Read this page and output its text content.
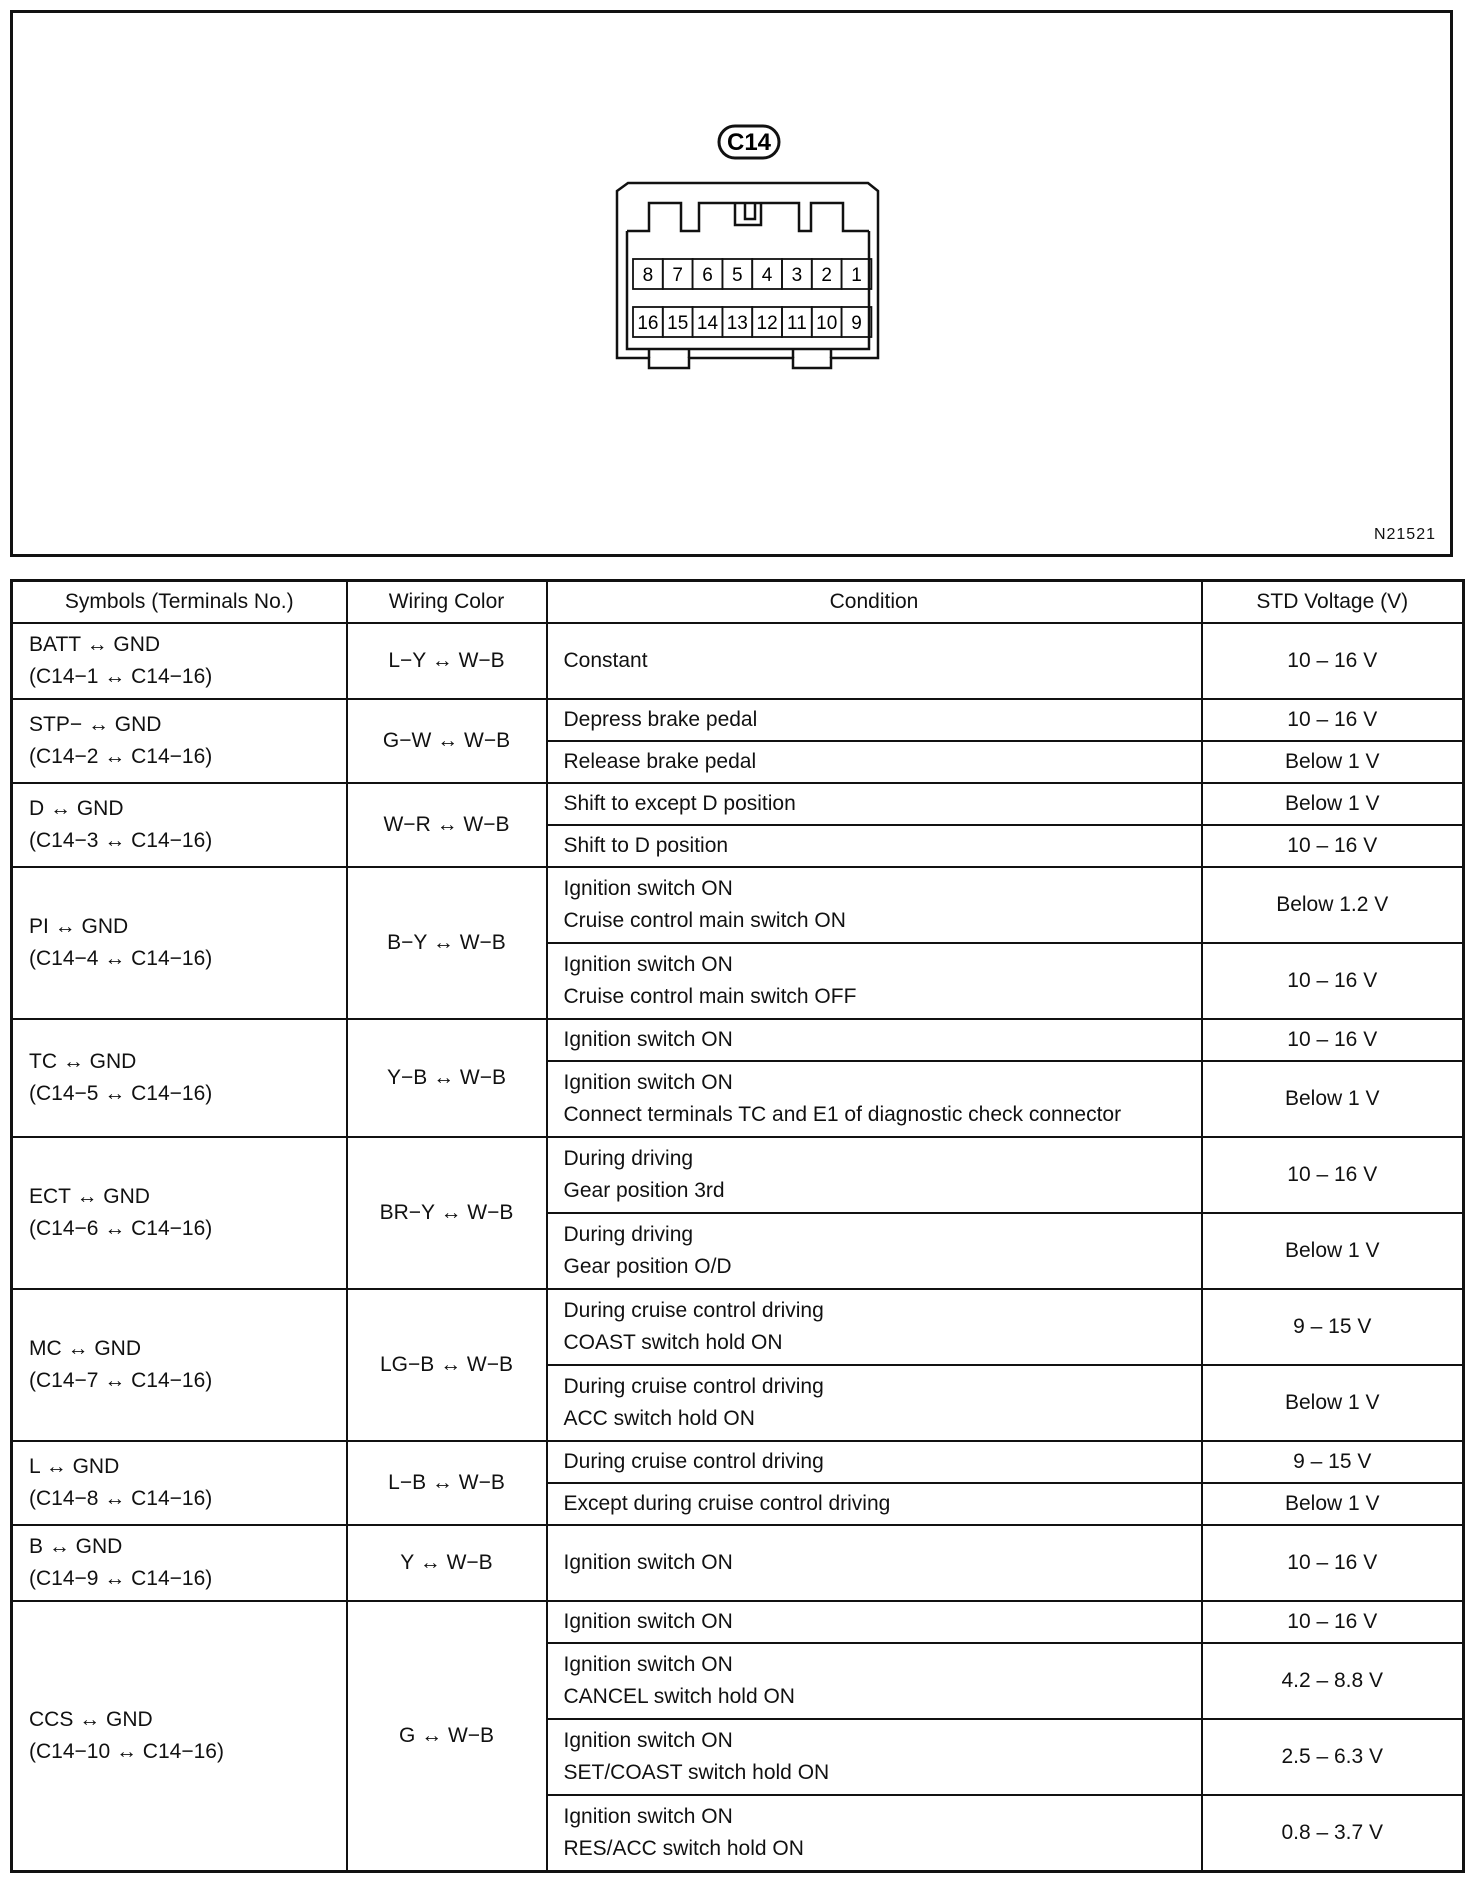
C14
8 7 6 5 4 3 2 1
16 15 14 13 12 11 10 9
N21521
Symbols (Terminals No.)	Wiring Color	Condition	STD Voltage (V)

BATT ↔ GND
(C14−1 ↔ C14−16)	L−Y ↔ W−B	Constant	10 – 16 V

STP− ↔ GND
(C14−2 ↔ C14−16)	G−W ↔ W−B	Depress brake pedal	10 – 16 V

		Release brake pedal	Below 1 V

D ↔ GND
(C14−3 ↔ C14−16)	W−R ↔ W−B	Shift to except D position	Below 1 V

		Shift to D position	10 – 16 V

PI ↔ GND
(C14−4 ↔ C14−16)	B−Y ↔ W−B	Ignition switch ON
Cruise control main switch ON	Below 1.2 V

		Ignition switch ON
Cruise control main switch OFF	10 – 16 V

TC ↔ GND
(C14−5 ↔ C14−16)	Y−B ↔ W−B	Ignition switch ON	10 – 16 V

		Ignition switch ON
Connect terminals TC and E1 of diagnostic check connector	Below 1 V

ECT ↔ GND
(C14−6 ↔ C14−16)	BR−Y ↔ W−B	During driving
Gear position 3rd	10 – 16 V

		During driving
Gear position O/D	Below 1 V

MC ↔ GND
(C14−7 ↔ C14−16)	LG−B ↔ W−B	During cruise control driving
COAST switch hold ON	9 – 15 V

		During cruise control driving
ACC switch hold ON	Below 1 V

L ↔ GND
(C14−8 ↔ C14−16)	L−B ↔ W−B	During cruise control driving	9 – 15 V

		Except during cruise control driving	Below 1 V

B ↔ GND
(C14−9 ↔ C14−16)	Y ↔ W−B	Ignition switch ON	10 – 16 V

CCS ↔ GND
(C14−10 ↔ C14−16)	G ↔ W−B	Ignition switch ON	10 – 16 V

		Ignition switch ON
CANCEL switch hold ON	4.2 – 8.8 V

		Ignition switch ON
SET/COAST switch hold ON	2.5 – 6.3 V

		Ignition switch ON
RES/ACC switch hold ON	0.8 – 3.7 V
